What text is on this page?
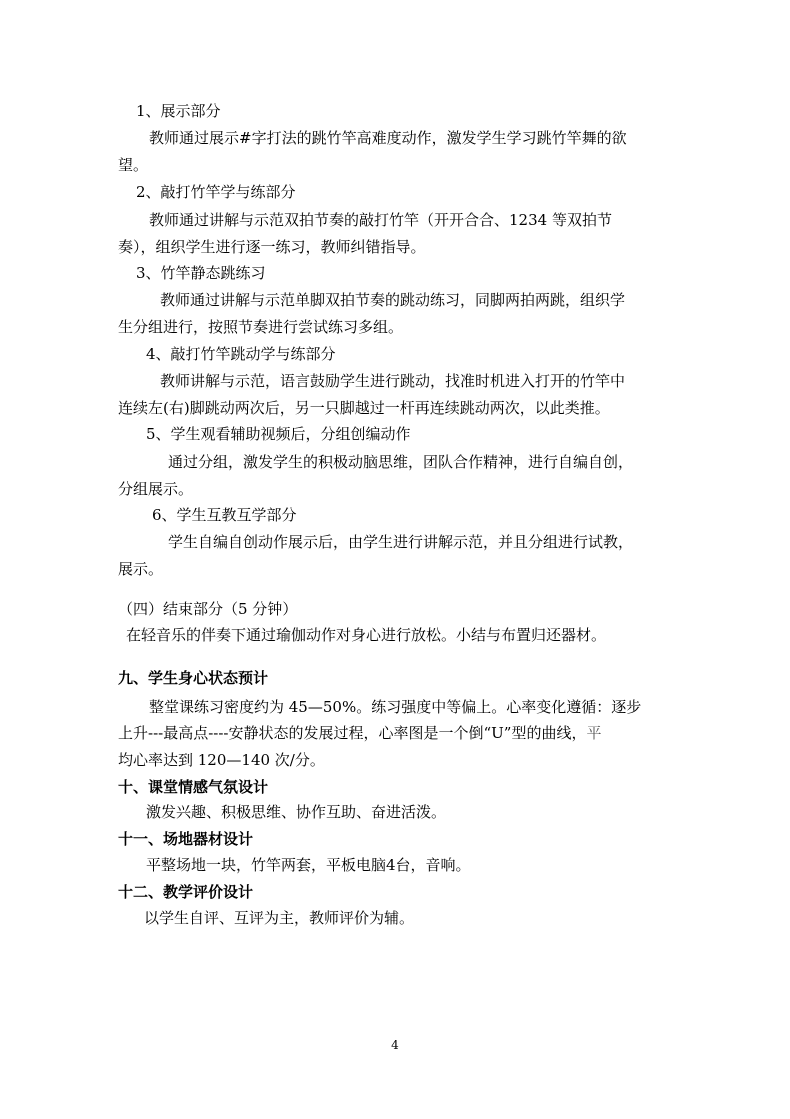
1、展示部分
教师通过展示#字打法的跳竹竿高难度动作，激发学生学习跳竹竿舞的欲
望。
2、敲打竹竿学与练部分
教师通过讲解与示范双拍节奏的敲打竹竿（开开合合、1234 等双拍节
奏），组织学生进行逐一练习，教师纠错指导。
3、竹竿静态跳练习
教师通过讲解与示范单脚双拍节奏的跳动练习，同脚两拍两跳，组织学
生分组进行，按照节奏进行尝试练习多组。
4、敲打竹竿跳动学与练部分
教师讲解与示范，语言鼓励学生进行跳动，找准时机进入打开的竹竿中
连续左(右)脚跳动两次后，另一只脚越过一杆再连续跳动两次，以此类推。
5、学生观看辅助视频后，分组创编动作
通过分组，激发学生的积极动脑思维，团队合作精神，进行自编自创，
分组展示。
6、学生互教互学部分
学生自编自创动作展示后，由学生进行讲解示范，并且分组进行试教，
展示。
（四）结束部分（5 分钟）
在轻音乐的伴奏下通过瑜伽动作对身心进行放松。小结与布置归还器材。
九、学生身心状态预计
整堂课练习密度约为 45—50%。练习强度中等偏上。心率变化遵循：逐步
上升---最高点----安静状态的发展过程，心率图是一个倒“U”型的曲线，平
均心率达到 120—140 次/分。
十、课堂情感气氛设计
激发兴趣、积极思维、协作互助、奋进活泼。
十一、场地器材设计
平整场地一块，竹竿两套，平板电脑4台，音响。
十二、教学评价设计
以学生自评、互评为主，教师评价为辅。
4
